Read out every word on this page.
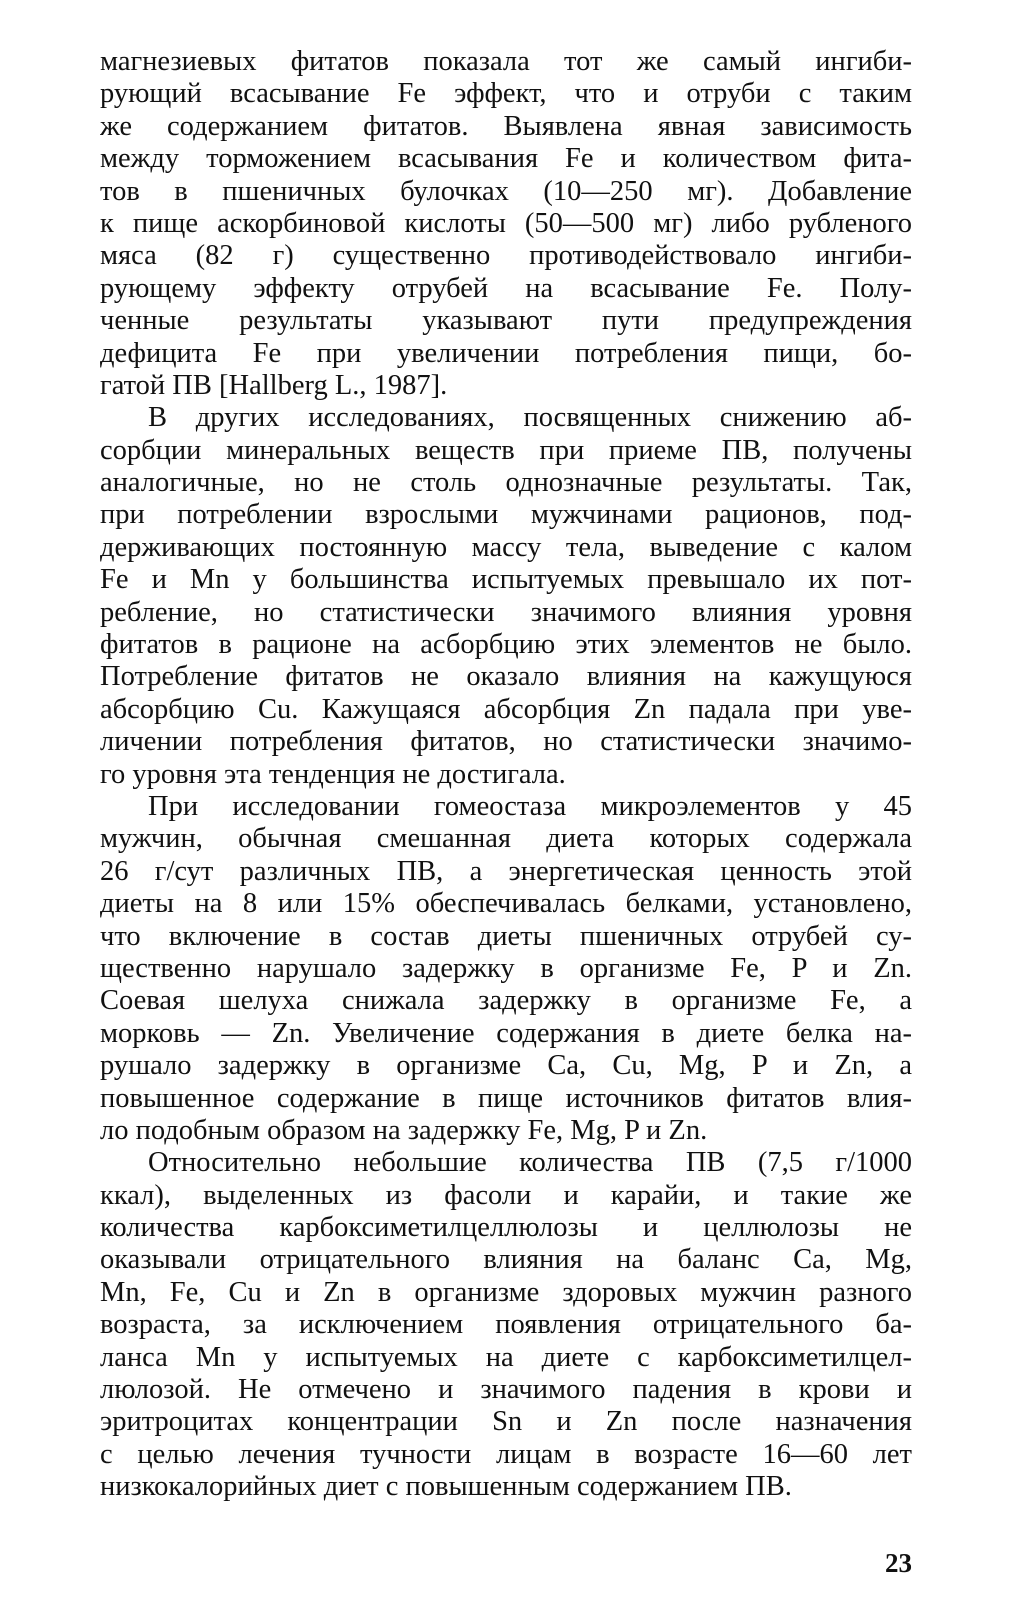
магнезиевых фитатов показала тот же самый ингиби-
рующий всасывание Fe эффект, что и отруби с таким
же содержанием фитатов. Выявлена явная зависимость
между торможением всасывания Fe и количеством фита-
тов в пшеничных булочках (10—250 мг). Добавление
к пище аскорбиновой кислоты (50—500 мг) либо рубленого
мяса (82 г) существенно противодействовало ингиби-
рующему эффекту отрубей на всасывание Fe. Полу-
ченные результаты указывают пути предупреждения
дефицита Fe при увеличении потребления пищи, бо-
гатой ПВ [Hallberg L., 1987].
В других исследованиях, посвященных снижению аб-
сорбции минеральных веществ при приеме ПВ, получены
аналогичные, но не столь однозначные результаты. Так,
при потреблении взрослыми мужчинами рационов, под-
держивающих постоянную массу тела, выведение с калом
Fe и Mn у большинства испытуемых превышало их пот-
ребление, но статистически значимого влияния уровня
фитатов в рационе на асборбцию этих элементов не было.
Потребление фитатов не оказало влияния на кажущуюся
абсорбцию Cu. Кажущаяся абсорбция Zn падала при уве-
личении потребления фитатов, но статистически значимо-
го уровня эта тенденция не достигала.
При исследовании гомеостаза микроэлементов у 45
мужчин, обычная смешанная диета которых содержала
26 г/сут различных ПВ, а энергетическая ценность этой
диеты на 8 или 15% обеспечивалась белками, установлено,
что включение в состав диеты пшеничных отрубей су-
щественно нарушало задержку в организме Fe, P и Zn.
Соевая шелуха снижала задержку в организме Fe, а
морковь — Zn. Увеличение содержания в диете белка на-
рушало задержку в организме Ca, Cu, Mg, P и Zn, а
повышенное содержание в пище источников фитатов влия-
ло подобным образом на задержку Fe, Mg, P и Zn.
Относительно небольшие количества ПВ (7,5 г/1000
ккал), выделенных из фасоли и карайи, и такие же
количества карбоксиметилцеллюлозы и целлюлозы не
оказывали отрицательного влияния на баланс Ca, Mg,
Mn, Fe, Cu и Zn в организме здоровых мужчин разного
возраста, за исключением появления отрицательного ба-
ланса Mn у испытуемых на диете с карбоксиметилцел-
люлозой. Не отмечено и значимого падения в крови и
эритроцитах концентрации Sn и Zn после назначения
с целью лечения тучности лицам в возрасте 16—60 лет
низкокалорийных диет с повышенным содержанием ПВ.
23
